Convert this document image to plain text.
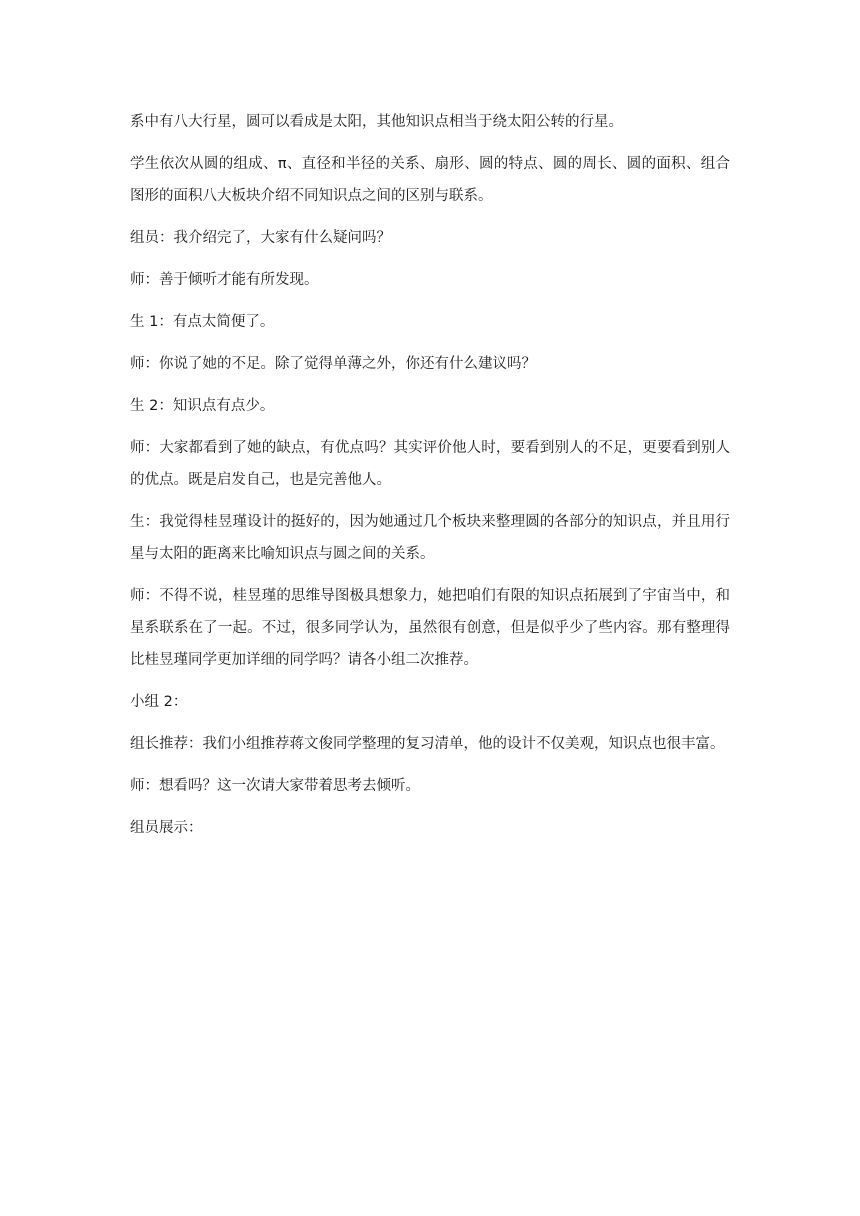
系中有八大行星，圆可以看成是太阳，其他知识点相当于绕太阳公转的行星。

学生依次从圆的组成、π、直径和半径的关系、扇形、圆的特点、圆的周长、圆的面积、组合图形的面积八大板块介绍不同知识点之间的区别与联系。

组员：我介绍完了，大家有什么疑问吗？

师：善于倾听才能有所发现。

生 1：有点太简便了。

师：你说了她的不足。除了觉得单薄之外，你还有什么建议吗？

生 2：知识点有点少。

师：大家都看到了她的缺点，有优点吗？其实评价他人时，要看到别人的不足，更要看到别人的优点。既是启发自己，也是完善他人。

生：我觉得桂昱瑾设计的挺好的，因为她通过几个板块来整理圆的各部分的知识点，并且用行星与太阳的距离来比喻知识点与圆之间的关系。

师：不得不说，桂昱瑾的思维导图极具想象力，她把咱们有限的知识点拓展到了宇宙当中，和星系联系在了一起。不过，很多同学认为，虽然很有创意，但是似乎少了些内容。那有整理得比桂昱瑾同学更加详细的同学吗？请各小组二次推荐。

小组 2：

组长推荐：我们小组推荐蒋文俊同学整理的复习清单，他的设计不仅美观，知识点也很丰富。

师：想看吗？这一次请大家带着思考去倾听。

组员展示：
